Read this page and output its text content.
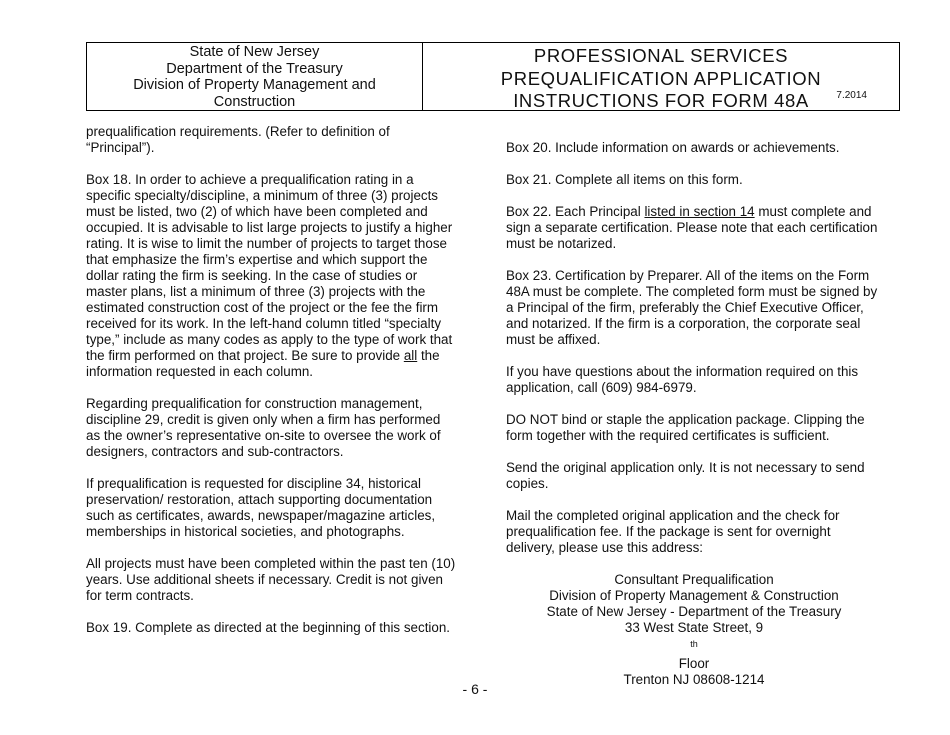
State of New Jersey
Department of the Treasury
Division of Property Management and
Construction
PROFESSIONAL SERVICES
PREQUALIFICATION APPLICATION
INSTRUCTIONS FOR FORM 48A	7.2014

prequalification requirements. (Refer to definition of “Principal”).

Box 18. In order to achieve a prequalification rating in a specific specialty/discipline, a minimum of three (3) projects must be listed, two (2) of which have been completed and occupied. It is advisable to list large projects to justify a higher rating. It is wise to limit the number of projects to target those that emphasize the firm’s expertise and which support the dollar rating the firm is seeking. In the case of studies or master plans, list a minimum of three (3) projects with the estimated construction cost of the project or the fee the firm received for its work. In the left-hand column titled “specialty type,” include as many codes as apply to the type of work that the firm performed on that project. Be sure to provide all the information requested in each column.

Regarding prequalification for construction management, discipline 29, credit is given only when a firm has performed as the owner’s representative on-site to oversee the work of designers, contractors and sub-contractors.

If prequalification is requested for discipline 34, historical preservation/ restoration, attach supporting documentation such as certificates, awards, newspaper/magazine articles, memberships in historical societies, and photographs.

All projects must have been completed within the past ten (10) years. Use additional sheets if necessary. Credit is not given for term contracts.

Box 19. Complete as directed at the beginning of this section.

Box 20. Include information on awards or achievements.

Box 21. Complete all items on this form.

Box 22. Each Principal listed in section 14 must complete and sign a separate certification. Please note that each certification must be notarized.

Box 23. Certification by Preparer. All of the items on the Form 48A must be complete. The completed form must be signed by a Principal of the firm, preferably the Chief Executive Officer, and notarized. If the firm is a corporation, the corporate seal must be affixed.

If you have questions about the information required on this application, call (609) 984-6979.

DO NOT bind or staple the application package. Clipping the form together with the required certificates is sufficient.

Send the original application only. It is not necessary to send copies.

Mail the completed original application and the check for prequalification fee. If the package is sent for overnight delivery, please use this address:

Consultant Prequalification
Division of Property Management & Construction
State of New Jersey - Department of the Treasury
33 West State Street, 9
$^{th}$
Floor
Trenton NJ 08608-1214
- 6 -
